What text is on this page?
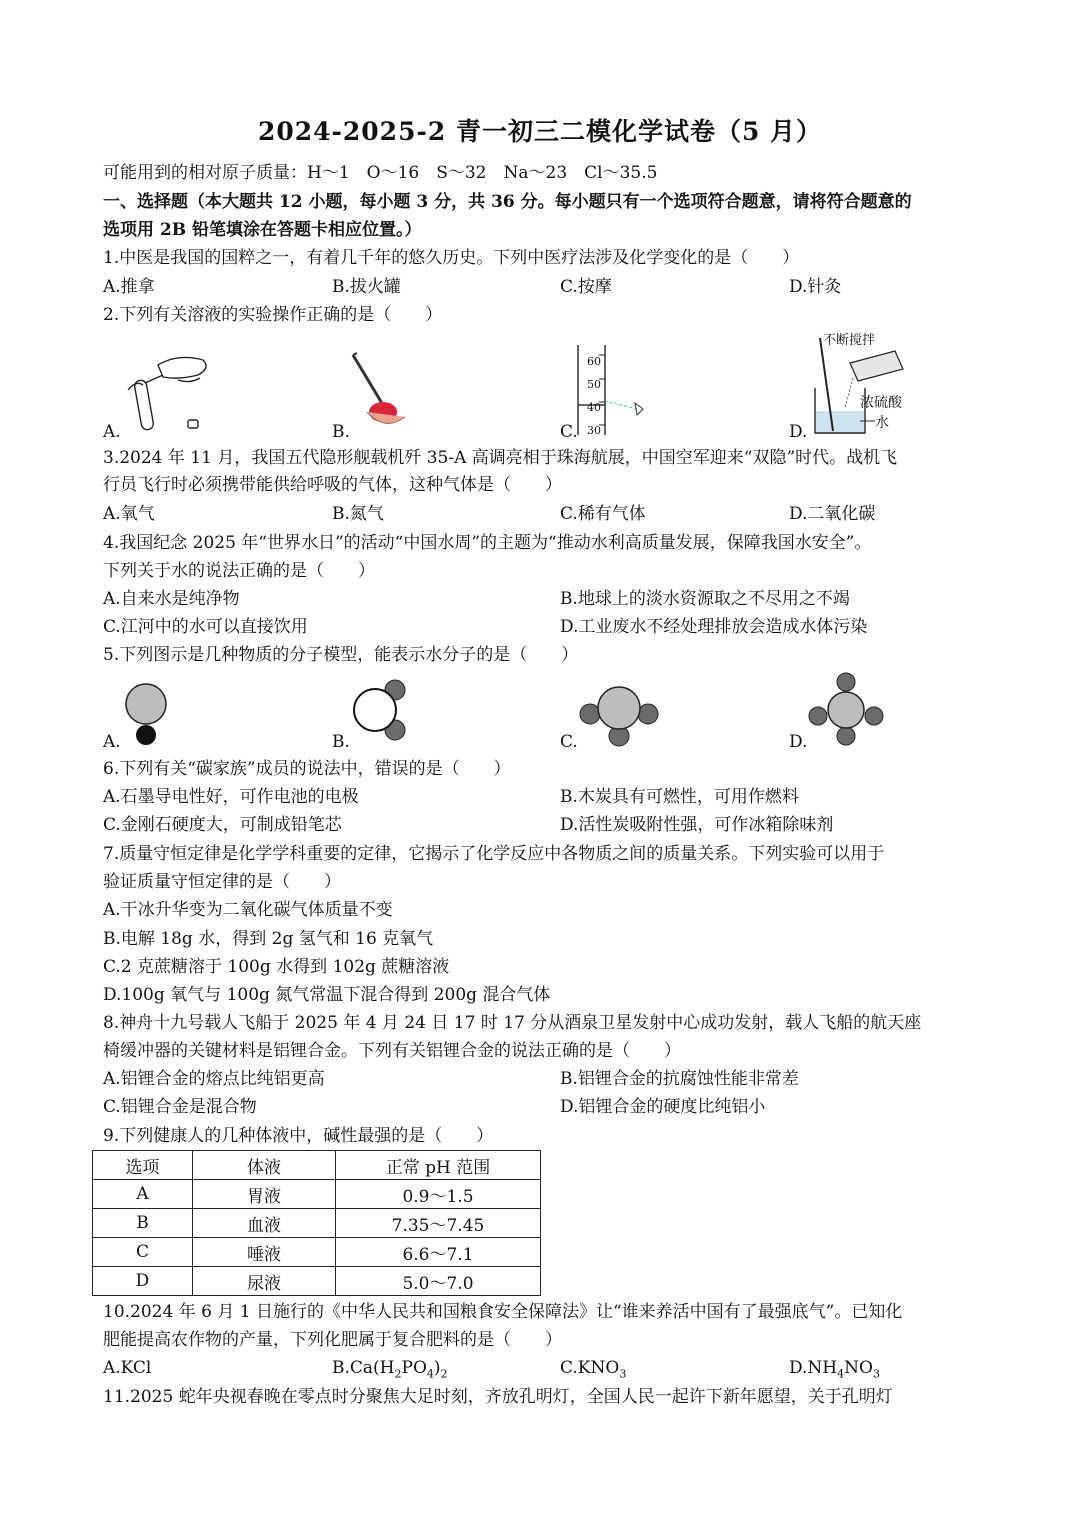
2024-2025-2 青一初三二模化学试卷（5 月）
可能用到的相对原子质量：H～1　O～16　S～32　Na～23　Cl～35.5
一、选择题（本大题共 12 小题，每小题 3 分，共 36 分。每小题只有一个选项符合题意，请将符合题意的
选项用 2B 铅笔填涂在答题卡相应位置。）
1.中医是我国的国粹之一，有着几千年的悠久历史。下列中医疗法涉及化学变化的是（　　）
A.推拿	B.拔火罐	C.按摩	D.针灸
2.下列有关溶液的实验操作正确的是（　　）
A.	B.	C.
60
50
40
30	D.
不断搅拌
浓硫酸
水
3.2024 年 11 月，我国五代隐形舰载机歼 35-A 高调亮相于珠海航展，中国空军迎来“双隐”时代。战机飞
行员飞行时必须携带能供给呼吸的气体，这种气体是（　　）
A.氧气	B.氮气	C.稀有气体	D.二氧化碳
4.我国纪念 2025 年“世界水日”的活动“中国水周”的主题为“推动水利高质量发展，保障我国水安全”。
下列关于水的说法正确的是（　　）
A.自来水是纯净物	B.地球上的淡水资源取之不尽用之不竭
C.江河中的水可以直接饮用	D.工业废水不经处理排放会造成水体污染
5.下列图示是几种物质的分子模型，能表示水分子的是（　　）
A.	B.	C.	D.
6.下列有关“碳家族”成员的说法中，错误的是（　　）
A.石墨导电性好，可作电池的电极	B.木炭具有可燃性，可用作燃料
C.金刚石硬度大，可制成铅笔芯	D.活性炭吸附性强，可作冰箱除味剂
7.质量守恒定律是化学学科重要的定律，它揭示了化学反应中各物质之间的质量关系。下列实验可以用于
验证质量守恒定律的是（　　）
A.干冰升华变为二氧化碳气体质量不变
B.电解 18g 水，得到 2g 氢气和 16 克氧气
C.2 克蔗糖溶于 100g 水得到 102g 蔗糖溶液
D.100g 氧气与 100g 氮气常温下混合得到 200g 混合气体
8.神舟十九号载人飞船于 2025 年 4 月 24 日 17 时 17 分从酒泉卫星发射中心成功发射，载人飞船的航天座
椅缓冲器的关键材料是铝锂合金。下列有关铝锂合金的说法正确的是（　　）
A.铝锂合金的熔点比纯铝更高	B.铝锂合金的抗腐蚀性能非常差
C.铝锂合金是混合物	D.铝锂合金的硬度比纯铝小
9.下列健康人的几种体液中，碱性最强的是（　　）
选项	体液	正常 pH 范围
A	胃液	0.9～1.5
B	血液	7.35～7.45
C	唾液	6.6～7.1
D	尿液	5.0～7.0
10.2024 年 6 月 1 日施行的《中华人民共和国粮食安全保障法》让“谁来养活中国有了最强底气”。已知化
肥能提高农作物的产量，下列化肥属于复合肥料的是（　　）
A.KCl	$B.Ca(H_2PO_4)_2$	$C.KNO_3$	$D.NH_4NO_3$
11.2025 蛇年央视春晚在零点时分聚焦大足时刻，齐放孔明灯，全国人民一起许下新年愿望，关于孔明灯
